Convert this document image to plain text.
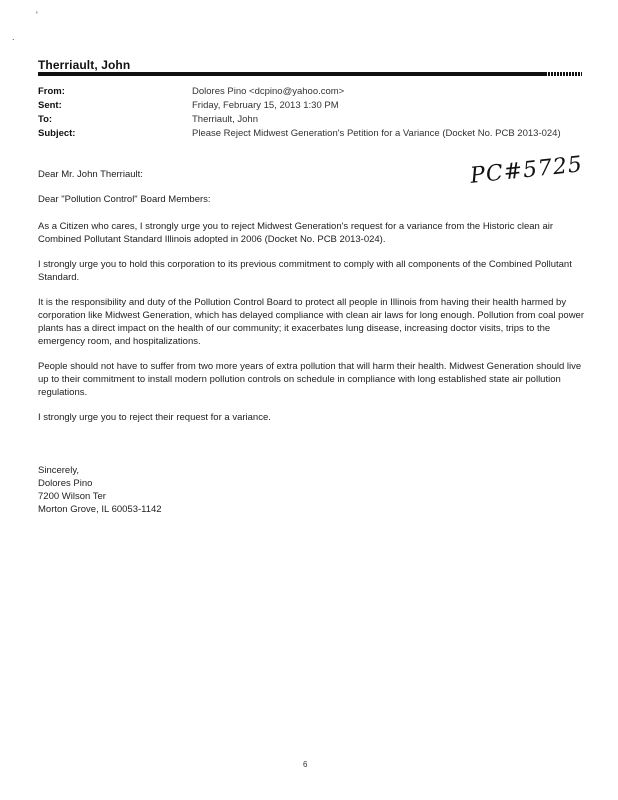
'
.
Therriault, John
From:	Dolores Pino <dcpino@yahoo.com>
Sent:	Friday, February 15, 2013 1:30 PM
To:	Therriault, John
Subject:	Please Reject Midwest Generation's Petition for a Variance (Docket No. PCB 2013-024)
PC#5725

Dear Mr. John Therriault:

Dear "Pollution Control" Board Members:

As a Citizen who cares, I strongly urge you to reject Midwest Generation's request for a variance from the Historic clean air Combined Pollutant Standard Illinois adopted in 2006 (Docket No. PCB 2013-024).

I strongly urge you to hold this corporation to its previous commitment to comply with all components of the Combined Pollutant Standard.

It is the responsibility and duty of the Pollution Control Board to protect all people in Illinois from having their health harmed by corporation like Midwest Generation, which has delayed compliance with clean air laws for long enough. Pollution from coal power plants has a direct impact on the health of our community; it exacerbates lung disease, increasing doctor visits, trips to the emergency room, and hospitalizations.

People should not have to suffer from two more years of extra pollution that will harm their health. Midwest Generation should live up to their commitment to install modern pollution controls on schedule in compliance with long established state air pollution regulations.

I strongly urge you to reject their request for a variance.

Sincerely,
Dolores Pino
7200 Wilson Ter
Morton Grove, IL 60053-1142
6
